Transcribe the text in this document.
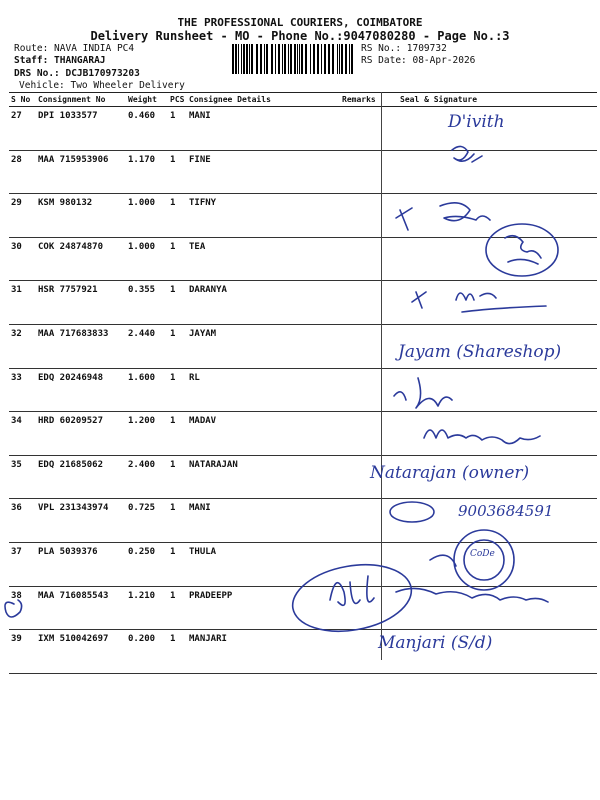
THE PROFESSIONAL COURIERS, COIMBATORE
Delivery Runsheet - MO - Phone No.:9047080280 - Page No.:3
Route: NAVA INDIA PC4
Staff: THANGARAJ
DRS No.: DCJB170973203
Vehicle: Two Wheeler Delivery
RS No.: 1709732
RS Date: 08-Apr-2026
S No Consignment No	Weight PCS Consignee Details	Remarks	Seal & Signature
27 DPI 1033577	0.460 1 MANI
28 MAA 715953906 1.170 1 FINE
29 KSM 980132	1.000 1 TIFNY
30 COK 24874870	1.000 1 TEA
31 HSR 7757921	0.355 1 DARANYA
32 MAA 717683833 2.440 1 JAYAM
33 EDQ 20246948	1.600 1 RL
34 HRD 60209527	1.200 1 MADAV
35 EDQ 21685062	2.400 1 NATARAJAN
36 VPL 231343974 0.725 1 MANI
37 PLA 5039376	0.250 1 THULA
38 MAA 716085543 1.210 1 PRADEEPP
39 IXM 510042697 0.200 1 MANJARI
D'ivith
Jayam (Shareshop)
Natarajan (owner)
9003684591
CoDe
Manjari (S/d)
